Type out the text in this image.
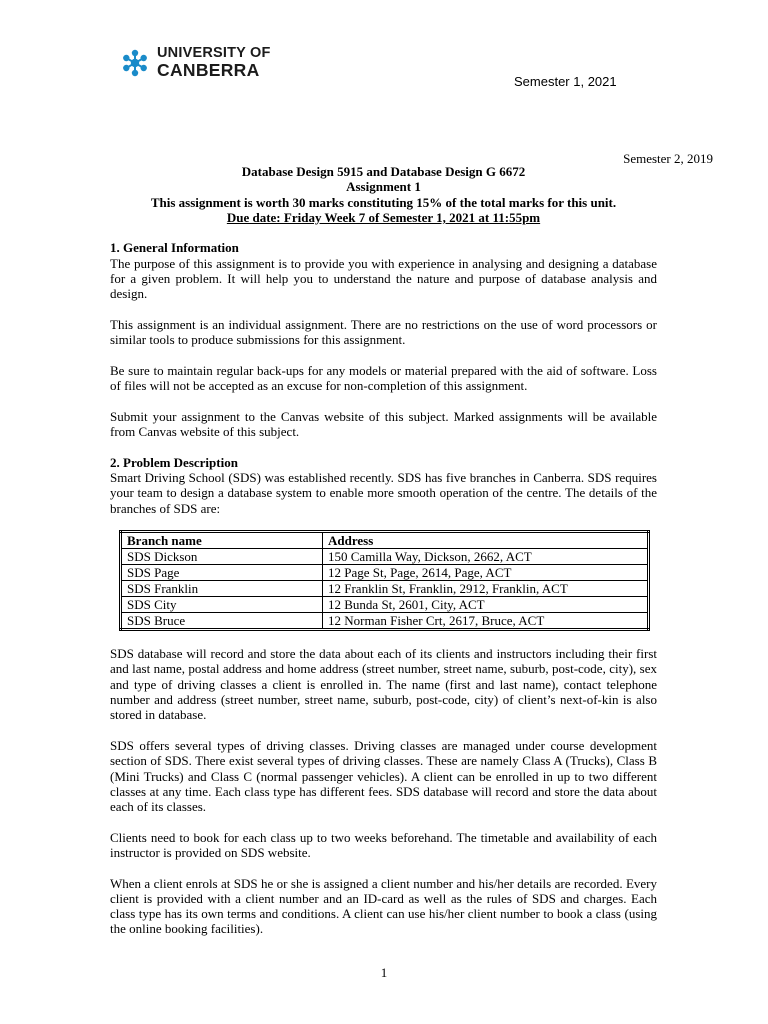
UNIVERSITY OF
CANBERRA
Semester 1, 2021
Semester 2, 2019
Database Design 5915 and Database Design G 6672
Assignment 1
This assignment is worth 30 marks constituting 15% of the total marks for this unit.
Due date: Friday Week 7 of Semester 1, 2021 at 11:55pm
1. General Information

The purpose of this assignment is to provide you with experience in analysing and designing a database for a given problem. It will help you to understand the nature and purpose of database analysis and design.

This assignment is an individual assignment. There are no restrictions on the use of word processors or similar tools to produce submissions for this assignment.

Be sure to maintain regular back-ups for any models or material prepared with the aid of software. Loss of files will not be accepted as an excuse for non-completion of this assignment.

Submit your assignment to the Canvas website of this subject. Marked assignments will be available from Canvas website of this subject.

2. Problem Description

Smart Driving School (SDS) was established recently. SDS has five branches in Canberra. SDS requires your team to design a database system to enable more smooth operation of the centre. The details of the branches of SDS are:

Branch name	Address
SDS Dickson	150 Camilla Way, Dickson, 2662, ACT
SDS Page	12 Page St, Page, 2614, Page, ACT
SDS Franklin	12 Franklin St, Franklin, 2912, Franklin, ACT
SDS City	12 Bunda St, 2601, City, ACT
SDS Bruce	12 Norman Fisher Crt, 2617, Bruce, ACT

SDS database will record and store the data about each of its clients and instructors including their first and last name, postal address and home address (street number, street name, suburb, post-code, city), sex and type of driving classes a client is enrolled in. The name (first and last name), contact telephone number and address (street number, street name, suburb, post-code, city) of client’s next-of-kin is also stored in database.

SDS offers several types of driving classes. Driving classes are managed under course development section of SDS. There exist several types of driving classes. These are namely Class A (Trucks), Class B (Mini Trucks) and Class C (normal passenger vehicles). A client can be enrolled in up to two different classes at any time. Each class type has different fees. SDS database will record and store the data about each of its classes.

Clients need to book for each class up to two weeks beforehand. The timetable and availability of each instructor is provided on SDS website.

When a client enrols at SDS he or she is assigned a client number and his/her details are recorded. Every client is provided with a client number and an ID-card as well as the rules of SDS and charges. Each class type has its own terms and conditions. A client can use his/her client number to book a class (using the online booking facilities).

1
